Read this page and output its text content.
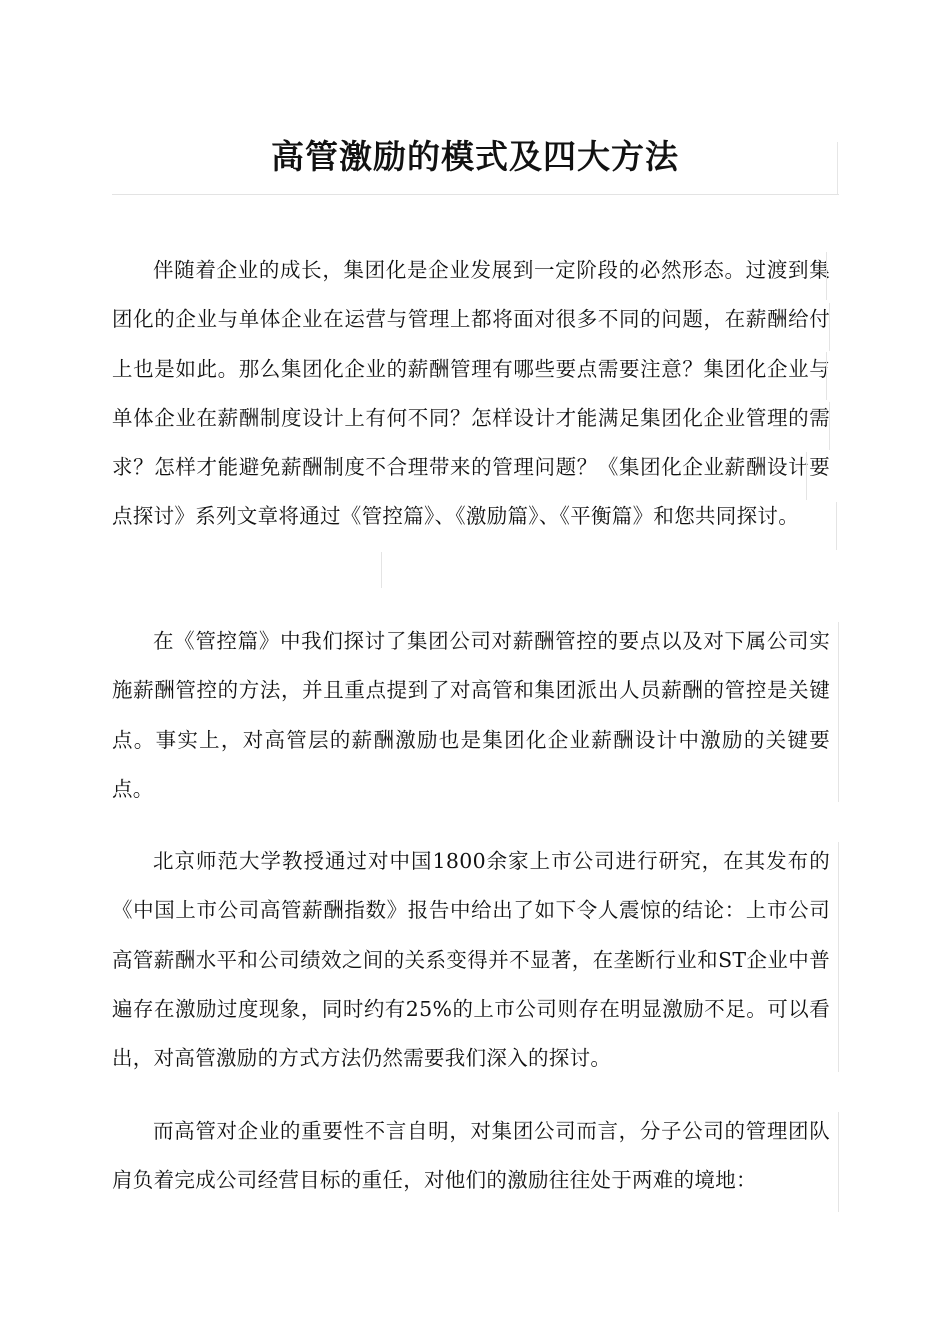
高管激励的模式及四大方法

伴随着企业的成长，集团化是企业发展到一定阶段的必然形态。过渡到集团化的企业与单体企业在运营与管理上都将面对很多不同的问题，在薪酬给付上也是如此。那么集团化企业的薪酬管理有哪些要点需要注意？集团化企业与单体企业在薪酬制度设计上有何不同？怎样设计才能满足集团化企业管理的需求？怎样才能避免薪酬制度不合理带来的管理问题？《集团化企业薪酬设计要点探讨》系列文章将通过《管控篇》、《激励篇》、《平衡篇》和您共同探讨。

在《管控篇》中我们探讨了集团公司对薪酬管控的要点以及对下属公司实施薪酬管控的方法，并且重点提到了对高管和集团派出人员薪酬的管控是关键点。事实上，对高管层的薪酬激励也是集团化企业薪酬设计中激励的关键要点。

北京师范大学教授通过对中国1800余家上市公司进行研究，在其发布的《中国上市公司高管薪酬指数》报告中给出了如下令人震惊的结论：上市公司高管薪酬水平和公司绩效之间的关系变得并不显著，在垄断行业和ST企业中普遍存在激励过度现象，同时约有25%的上市公司则存在明显激励不足。可以看出，对高管激励的方式方法仍然需要我们深入的探讨。

而高管对企业的重要性不言自明，对集团公司而言，分子公司的管理团队肩负着完成公司经营目标的重任，对他们的激励往往处于两难的境地：
